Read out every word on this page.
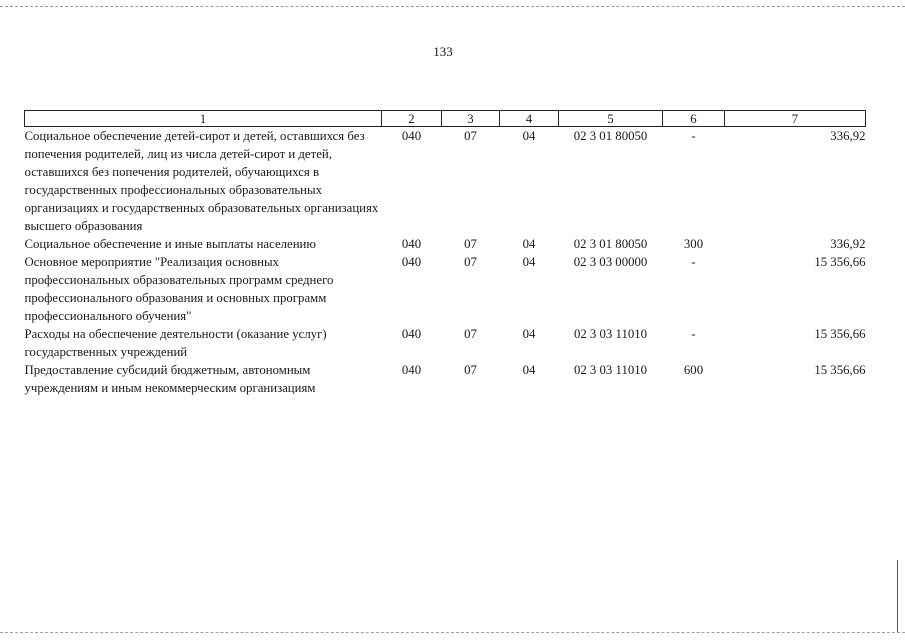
133
1	2	3	4	5	6	7
Социальное обеспечение детей-сирот и детей, оставшихся без попечения родителей, лиц из числа детей-сирот и детей, оставшихся без попечения родителей, обучающихся в государственных профессиональных образовательных организациях и государственных образовательных организациях высшего образования	040	07	04	02 3 01 80050	-	336,92
Социальное обеспечение и иные выплаты населению	040	07	04	02 3 01 80050	300	336,92
Основное мероприятие "Реализация основных профессиональных образовательных программ среднего профессионального образования и основных программ профессионального обучения"	040	07	04	02 3 03 00000	-	15 356,66
Расходы на обеспечение деятельности (оказание услуг) государственных учреждений	040	07	04	02 3 03 11010	-	15 356,66
Предоставление субсидий бюджетным, автономным учреждениям и иным некоммерческим организациям	040	07	04	02 3 03 11010	600	15 356,66
